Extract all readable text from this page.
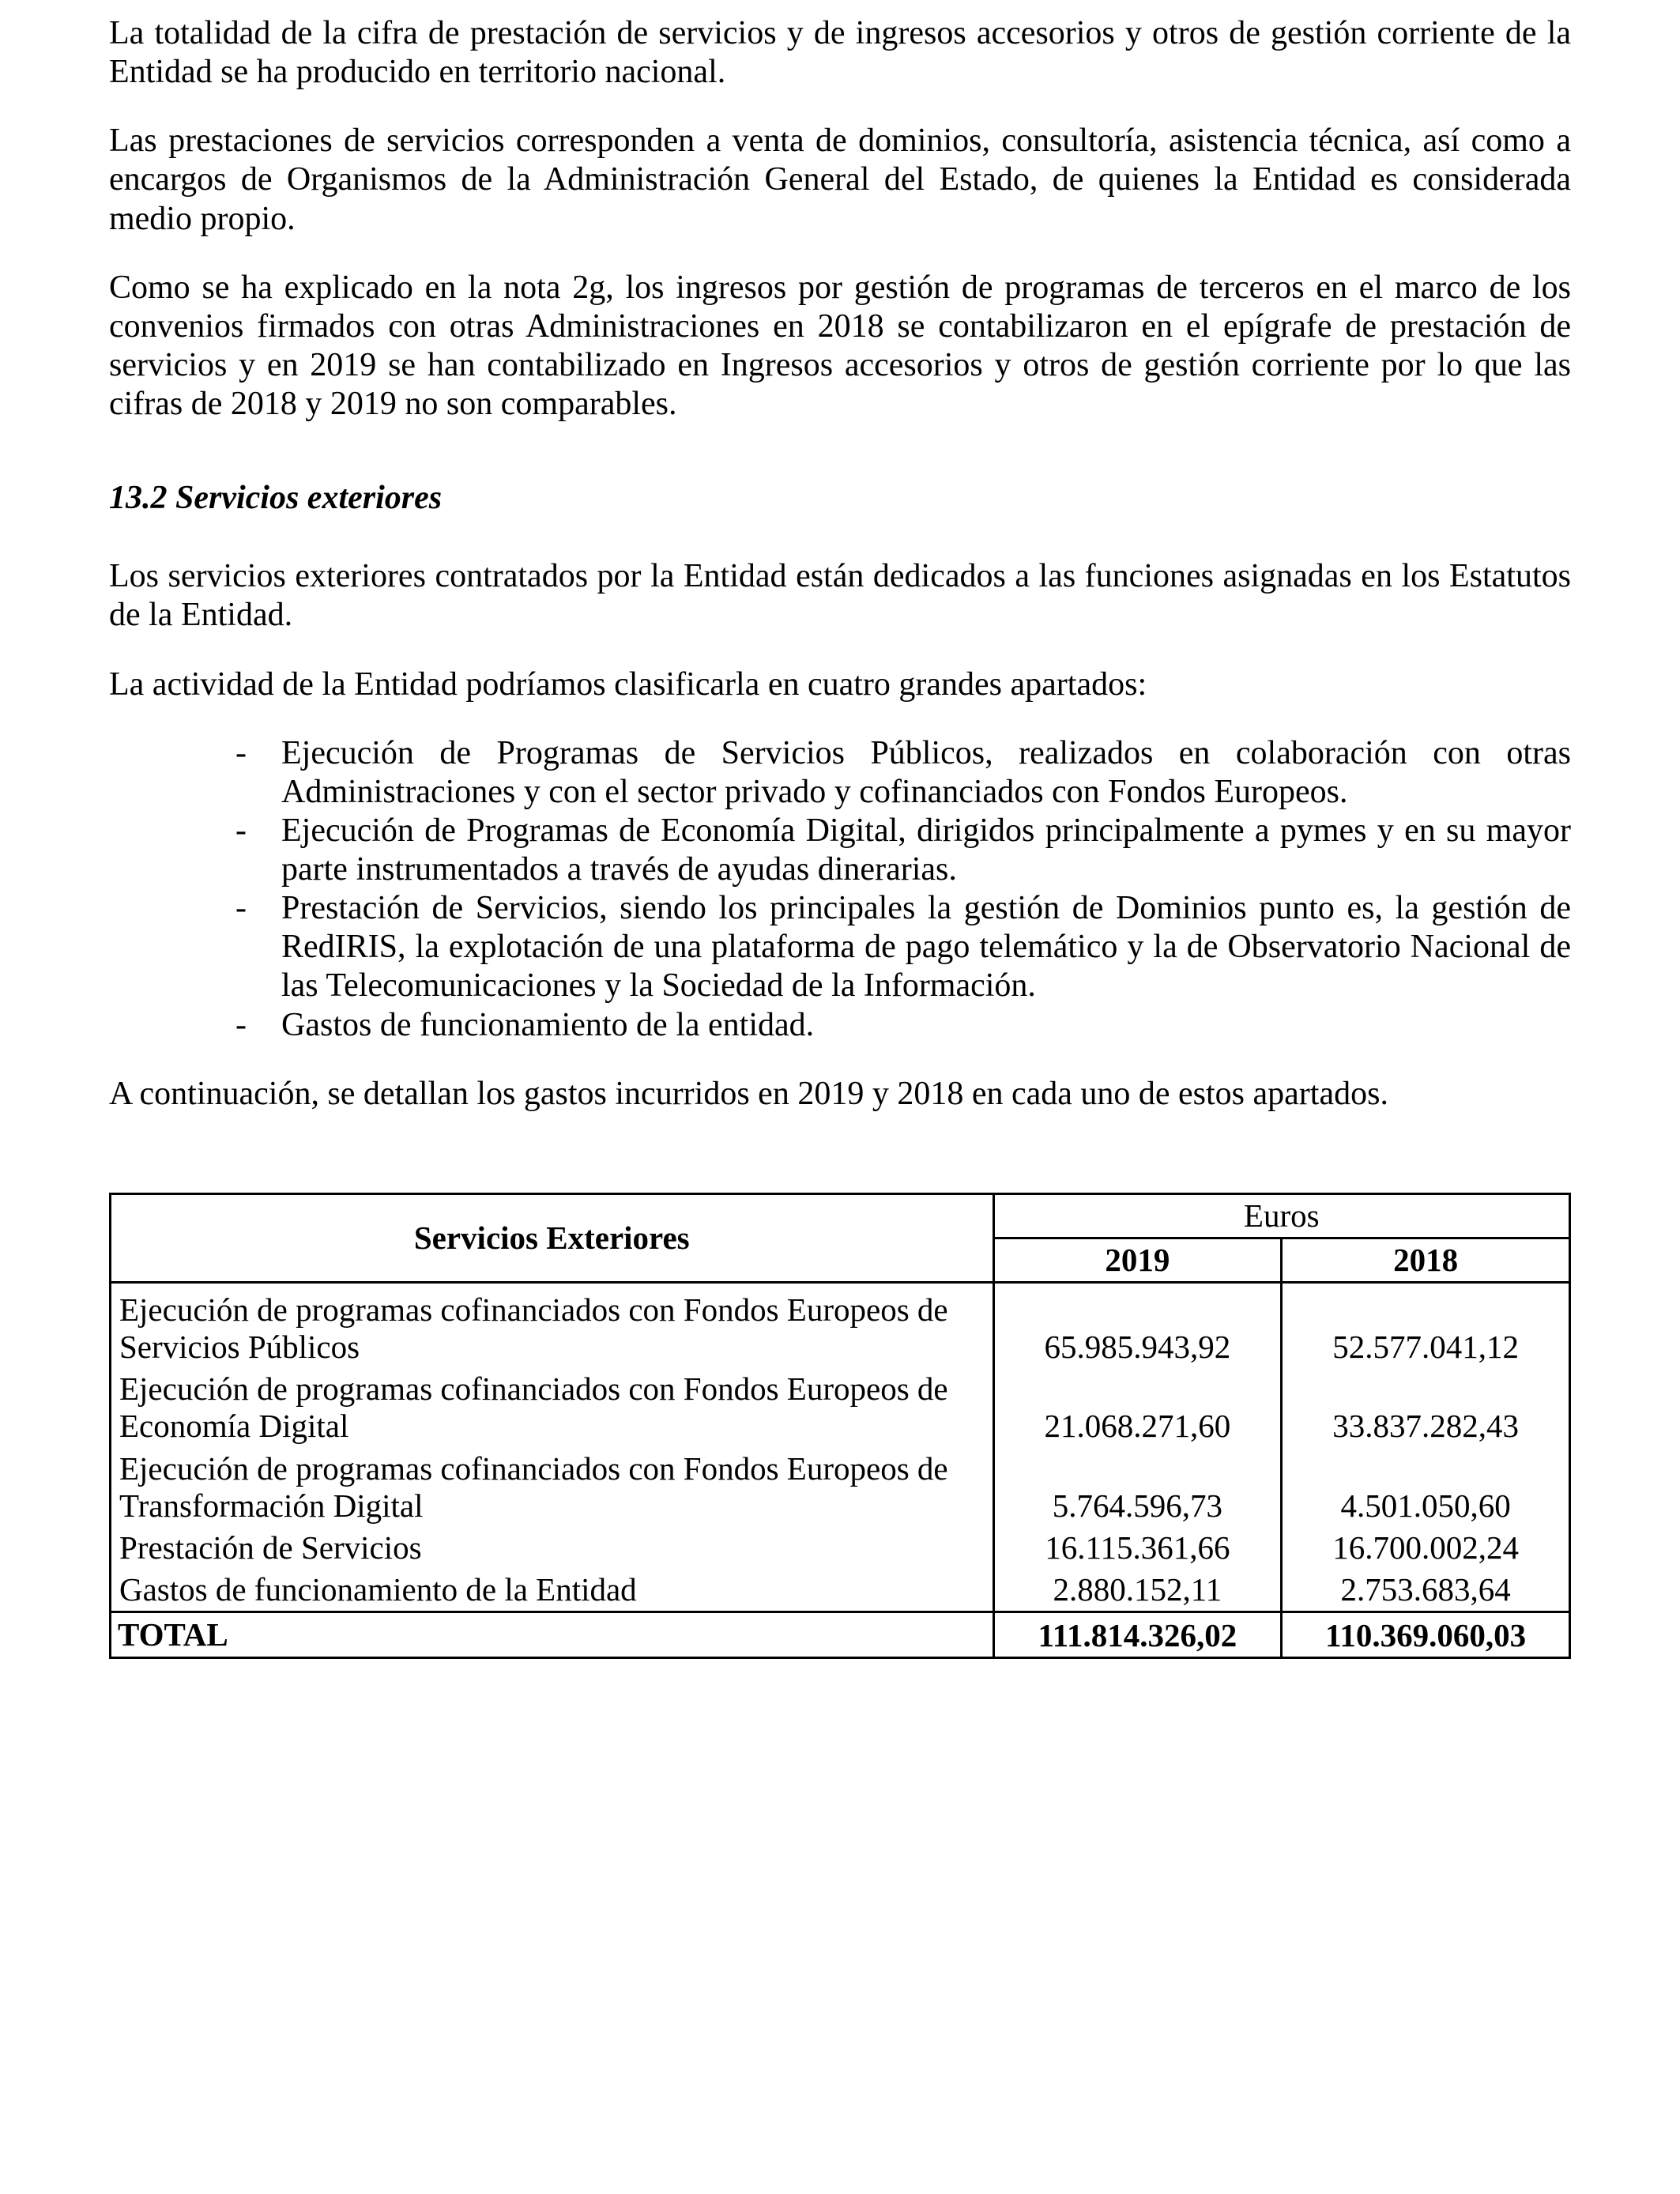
La totalidad de la cifra de prestación de servicios y de ingresos accesorios y otros de gestión corriente de la Entidad se ha producido en territorio nacional.

Las prestaciones de servicios corresponden a venta de dominios, consultoría, asistencia técnica, así como a encargos de Organismos de la Administración General del Estado, de quienes la Entidad es considerada medio propio.

Como se ha explicado en la nota 2g, los ingresos por gestión de programas de terceros en el marco de los convenios firmados con otras Administraciones en 2018 se contabilizaron en el epígrafe de prestación de servicios y en 2019 se han contabilizado en Ingresos accesorios y otros de gestión corriente por lo que las cifras de 2018 y 2019 no son comparables.

13.2 Servicios exteriores

Los servicios exteriores contratados por la Entidad están dedicados a las funciones asignadas en los Estatutos de la Entidad.

La actividad de la Entidad podríamos clasificarla en cuatro grandes apartados:

-	Ejecución de Programas de Servicios Públicos, realizados en colaboración con otras Administraciones y con el sector privado y cofinanciados con Fondos Europeos.
-	Ejecución de Programas de Economía Digital, dirigidos principalmente a pymes y en su mayor parte instrumentados a través de ayudas dinerarias.
-	Prestación de Servicios, siendo los principales la gestión de Dominios punto es, la gestión de RedIRIS, la explotación de una plataforma de pago telemático y la de Observatorio Nacional de las Telecomunicaciones y la Sociedad de la Información.
-	Gastos de funcionamiento de la entidad.

A continuación, se detallan los gastos incurridos en 2019 y 2018 en cada uno de estos apartados.

Servicios Exteriores	Euros	
	2019	2018
Ejecución de programas cofinanciados con Fondos Europeos de Servicios Públicos	65.985.943,92	52.577.041,12
Ejecución de programas cofinanciados con Fondos Europeos de Economía Digital	21.068.271,60	33.837.282,43
Ejecución de programas cofinanciados con Fondos Europeos de Transformación Digital	5.764.596,73	4.501.050,60
Prestación de Servicios	16.115.361,66	16.700.002,24
Gastos de funcionamiento de la Entidad	2.880.152,11	2.753.683,64
TOTAL	111.814.326,02	110.369.060,03
